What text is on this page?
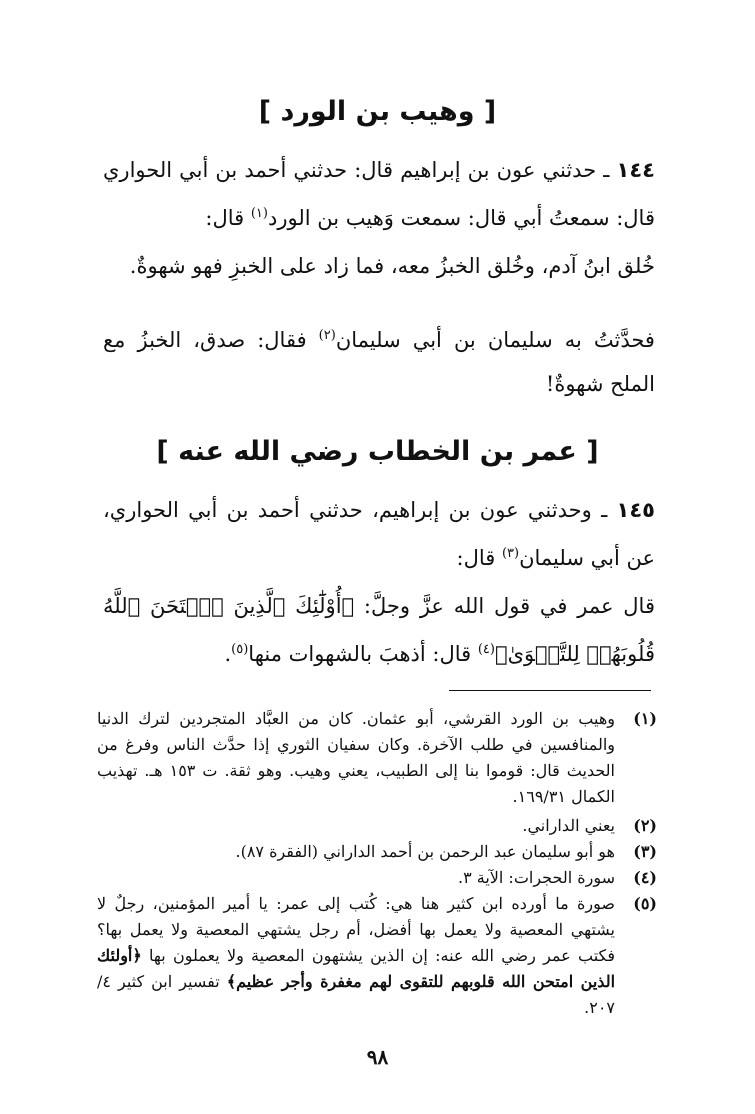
[ وهيب بن الورد ]
١٤٤ ـ حدثني عون بن إبراهيم قال: حدثني أحمد بن أبي الحواري قال: سمعتُ أبي قال: سمعت وَهيب بن الورد$^{(١)}$ قال:
خُلق ابنُ آدم، وخُلق الخبزُ معه، فما زاد على الخبزِ فهو شهوةٌ.
فحدَّثتُ به سليمان بن أبي سليمان$^{(٢)}$ فقال: صدق، الخبزُ مع الملح شهوةٌ!
[ عمر بن الخطاب رضي الله عنه ]
١٤٥ ـ وحدثني عون بن إبراهيم، حدثني أحمد بن أبي الحواري، عن أبي سليمان$^{(٣)}$ قال:
قال عمر في قول الله عزَّ وجلَّ: ﴿أُوْلَٰٓئِكَ ٱلَّذِينَ ٱمۡتَحَنَ ٱللَّهُ قُلُوبَهُمۡ لِلتَّقۡوَىٰ﴾$^{(٤)}$ قال: أذهبَ بالشهوات منها$^{(٥)}$.
(١)
وهيب بن الورد القرشي، أبو عثمان. كان من العبَّاد المتجردين لترك الدنيا والمنافسين في طلب الآخرة. وكان سفيان الثوري إذا حدَّث الناس وفرغ من الحديث قال: قوموا بنا إلى الطبيب، يعني وهيب. وهو ثقة. ت ١٥٣ هـ. تهذيب الكمال ١٦٩/٣١.
(٢)
يعني الداراني.
(٣)
هو أبو سليمان عبد الرحمن بن أحمد الداراني (الفقرة ٨٧).
(٤)
سورة الحجرات: الآية ٣.
(٥)
صورة ما أورده ابن كثير هنا هي: كُتب إلى عمر: يا أمير المؤمنين، رجلٌ لا يشتهي المعصية ولا يعمل بها أفضل، أم رجل يشتهي المعصية ولا يعمل بها؟ فكتب عمر رضي الله عنه: إن الذين يشتهون المعصية ولا يعملون بها ﴿أولئك الذين امتحن الله قلوبهم للتقوى لهم مغفرة وأجر عظيم﴾ تفسير ابن كثير ٤/ ٢٠٧.
٩٨
